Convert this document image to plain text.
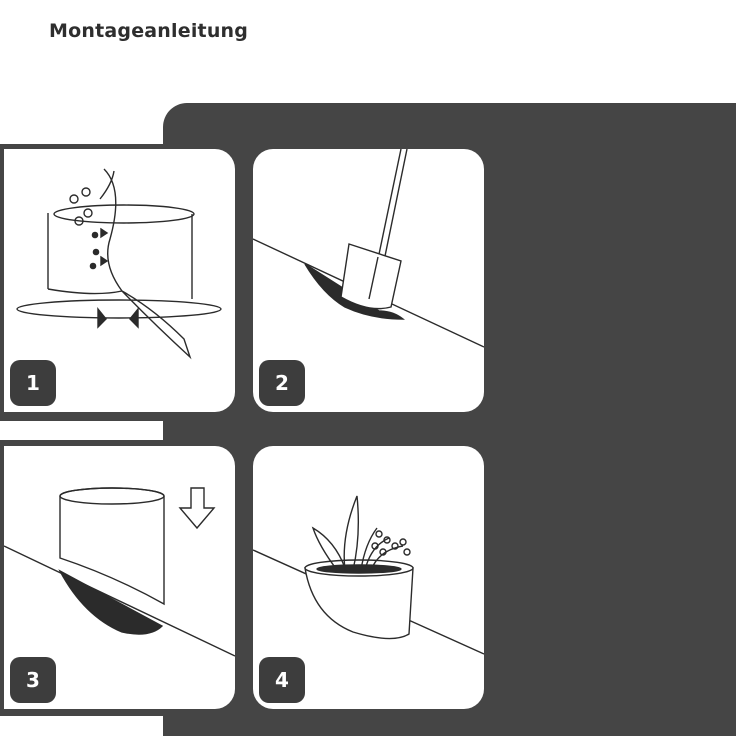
Montageanleitung
1	2
3	4
